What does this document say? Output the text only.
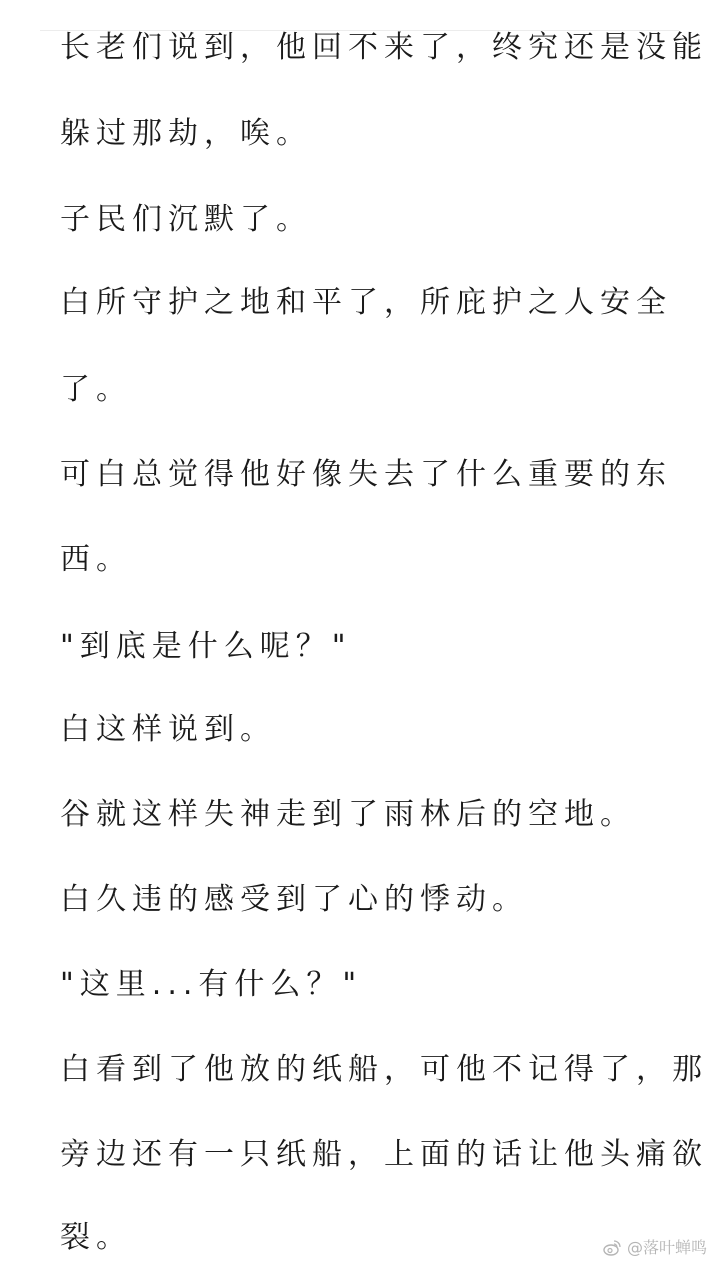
长老们说到，他回不来了，终究还是没能
躲过那劫，唉。
子民们沉默了。
白所守护之地和平了，所庇护之人安全
了。
可白总觉得他好像失去了什么重要的东
西。
"到底是什么呢？"
白这样说到。
谷就这样失神走到了雨林后的空地。
白久违的感受到了心的悸动。
"这里...有什么？"
白看到了他放的纸船，可他不记得了，那
旁边还有一只纸船，上面的话让他头痛欲
裂。	@落叶蝉鸣
